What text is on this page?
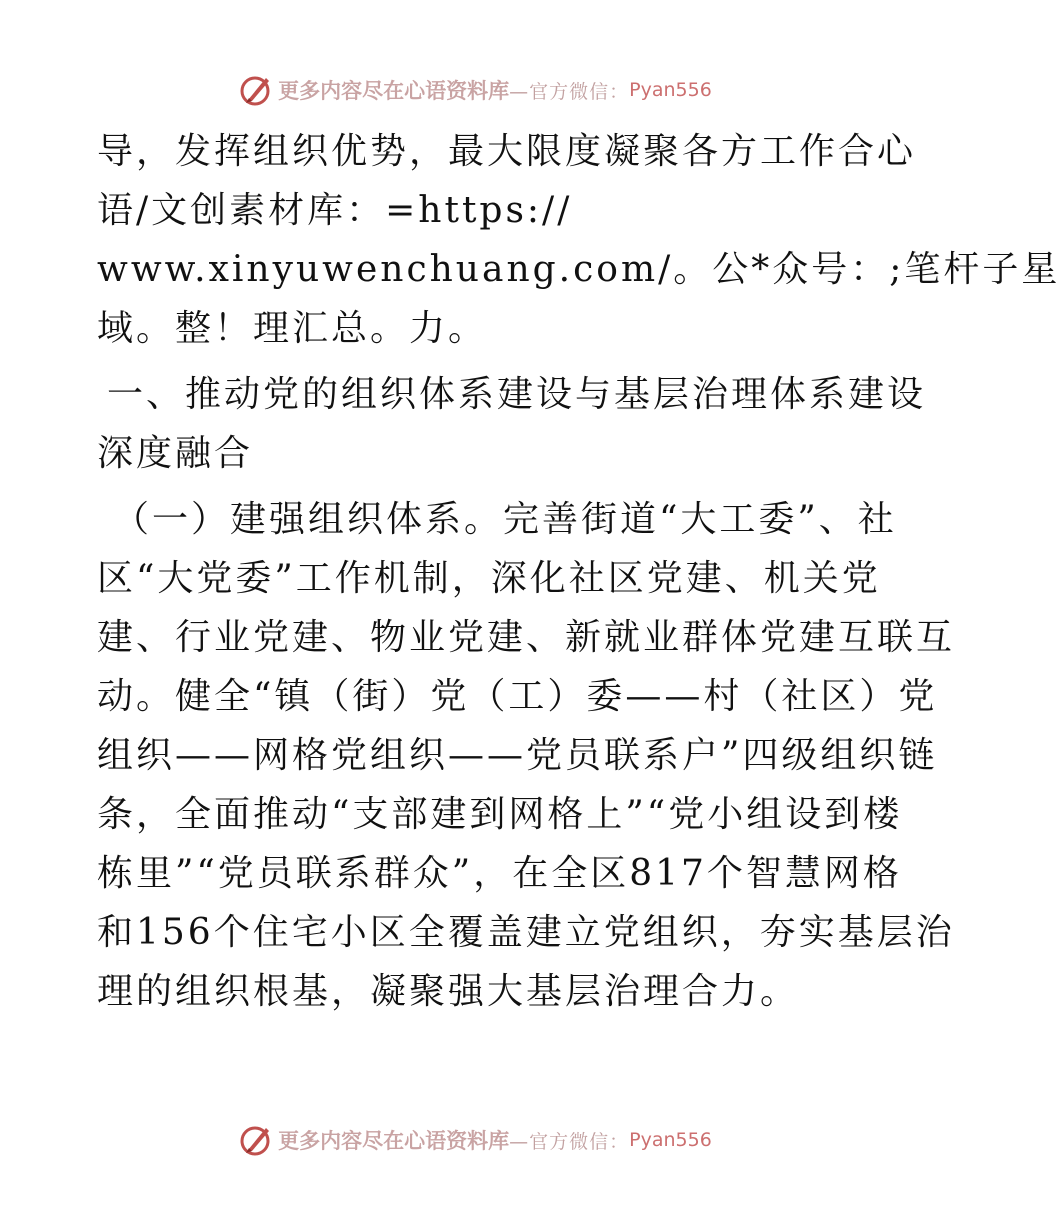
更多内容尽在心语资料库 —官方微信： Pyan556
导，发挥组织优势，最大限度凝聚各方工作合心
语/文创素材库：=https://
www.xinyuwenchuang.com/。公*众号：;笔杆子星
域。整！理汇总。力。
一、推动党的组织体系建设与基层治理体系建设
深度融合
（一）建强组织体系。完善街道“大工委”、社
区“大党委”工作机制，深化社区党建、机关党
建、行业党建、物业党建、新就业群体党建互联互
动。健全“镇（街）党（工）委——村（社区）党
组织——网格党组织——党员联系户”四级组织链
条，全面推动“支部建到网格上”“党小组设到楼
栋里”“党员联系群众”，在全区817个智慧网格
和156个住宅小区全覆盖建立党组织，夯实基层治
理的组织根基，凝聚强大基层治理合力。
更多内容尽在心语资料库 —官方微信： Pyan556
